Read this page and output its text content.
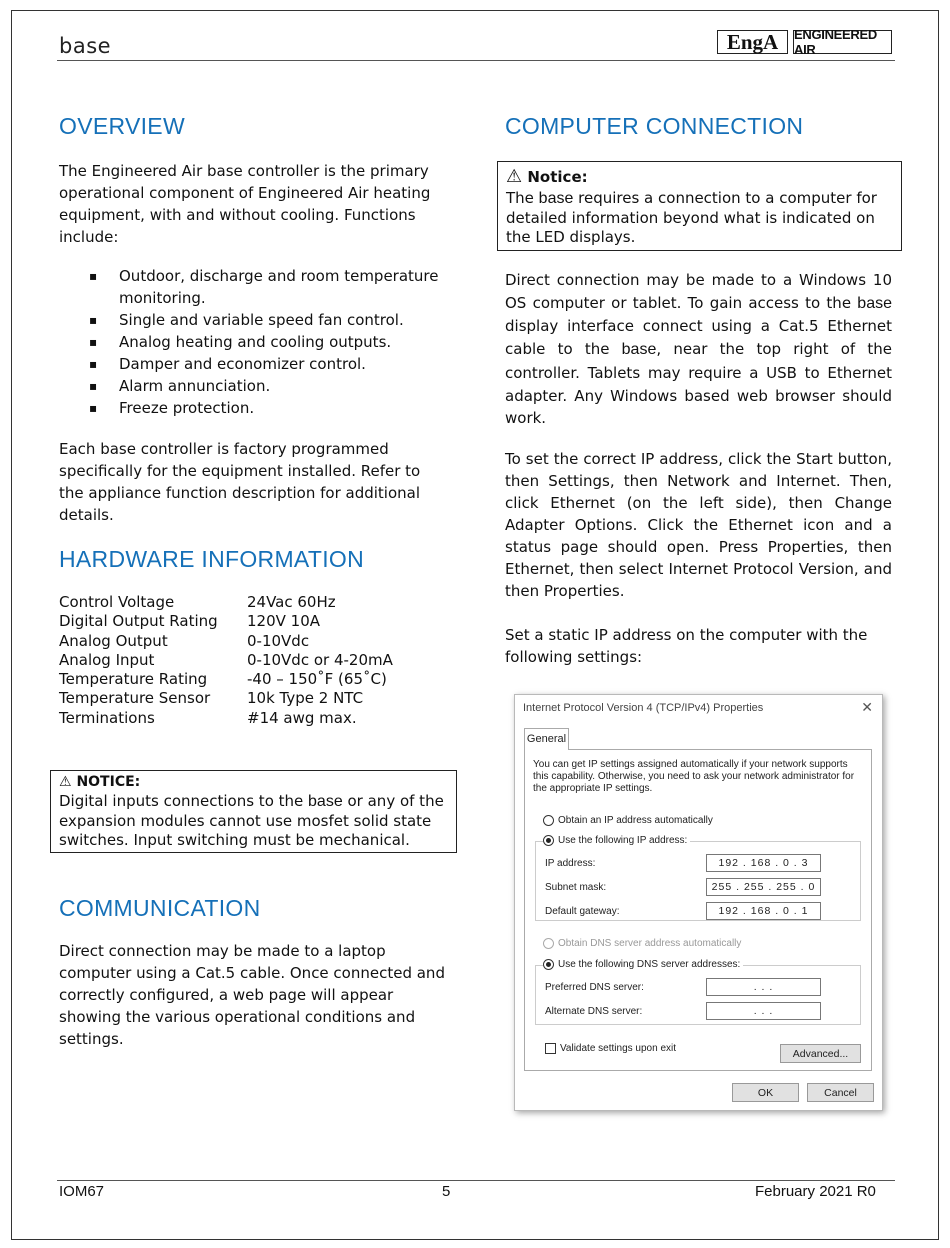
base	EngA	ENGINEERED AIR
OVERVIEW
The Engineered Air base controller is the primary operational component of Engineered Air heating equipment, with and without cooling. Functions include:
▪ Outdoor, discharge and room temperature monitoring.
▪ Single and variable speed fan control.
▪ Analog heating and cooling outputs.
▪ Damper and economizer control.
▪ Alarm annunciation.
▪ Freeze protection.
Each base controller is factory programmed specifically for the equipment installed. Refer to the appliance function description for additional details.
HARDWARE INFORMATION
Control Voltage	24Vac 60Hz
Digital Output Rating	120V 10A
Analog Output	0-10Vdc
Analog Input	0-10Vdc or 4-20mA
Temperature Rating	-40 – 150˚F (65˚C)
Temperature Sensor	10k Type 2 NTC
Terminations	#14 awg max.
⚠ NOTICE:
Digital inputs connections to the base or any of the expansion modules cannot use mosfet solid state switches. Input switching must be mechanical.
COMMUNICATION
Direct connection may be made to a laptop computer using a Cat.5 cable. Once connected and correctly configured, a web page will appear showing the various operational conditions and settings.
COMPUTER CONNECTION
⚠ Notice:
The base requires a connection to a computer for detailed information beyond what is indicated on the LED displays.
Direct connection may be made to a Windows 10 OS computer or tablet. To gain access to the base display interface connect using a Cat.5 Ethernet cable to the base, near the top right of the controller. Tablets may require a USB to Ethernet adapter. Any Windows based web browser should work.
To set the correct IP address, click the Start button, then Settings, then Network and Internet. Then, click Ethernet (on the left side), then Change Adapter Options. Click the Ethernet icon and a status page should open. Press Properties, then Ethernet, then select Internet Protocol Version, and then Properties.
Set a static IP address on the computer with the following settings:
Internet Protocol Version 4 (TCP/IPv4) Properties	✕
General
You can get IP settings assigned automatically if your network supports this capability. Otherwise, you need to ask your network administrator for the appropriate IP settings.
Obtain an IP address automatically
Use the following IP address:
IP address:	192 . 168 . 0 . 3
Subnet mask:	255 . 255 . 255 . 0
Default gateway:	192 . 168 . 0 . 1
Obtain DNS server address automatically
Use the following DNS server addresses:
Preferred DNS server:	. . .
Alternate DNS server:	. . .
Validate settings upon exit	Advanced...
OK	Cancel
IOM67	5	February 2021 R0
